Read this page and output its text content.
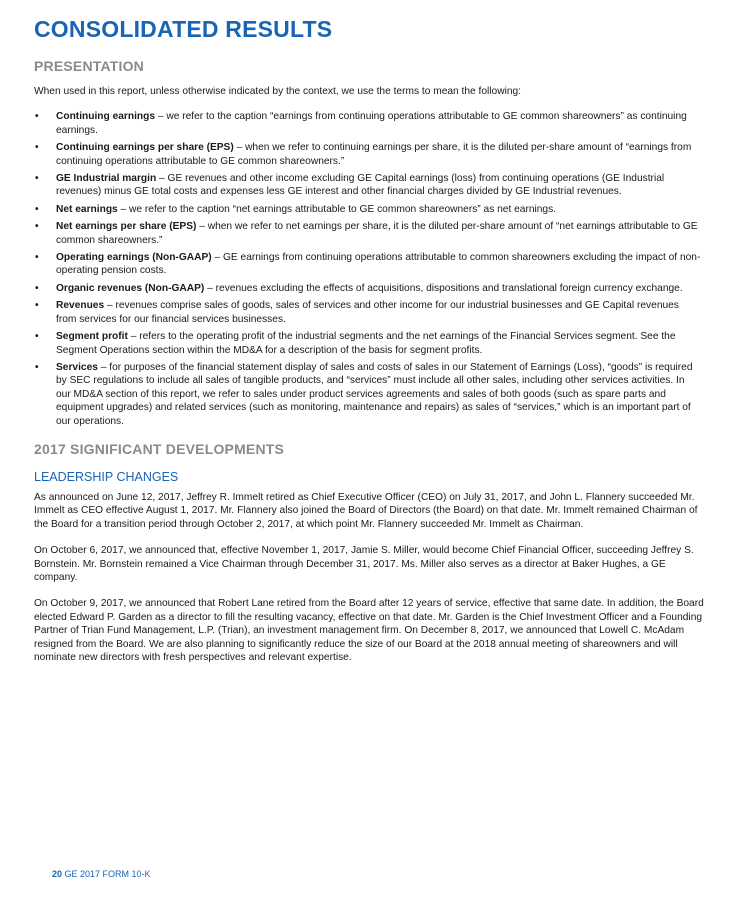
CONSOLIDATED RESULTS
PRESENTATION

When used in this report, unless otherwise indicated by the context, we use the terms to mean the following:

• Continuing earnings – we refer to the caption “earnings from continuing operations attributable to GE common shareowners” as continuing earnings.
• Continuing earnings per share (EPS) – when we refer to continuing earnings per share, it is the diluted per-share amount of “earnings from continuing operations attributable to GE common shareowners.”
• GE Industrial margin – GE revenues and other income excluding GE Capital earnings (loss) from continuing operations (GE Industrial revenues) minus GE total costs and expenses less GE interest and other financial charges divided by GE Industrial revenues.
• Net earnings – we refer to the caption “net earnings attributable to GE common shareowners” as net earnings.
• Net earnings per share (EPS) – when we refer to net earnings per share, it is the diluted per-share amount of “net earnings attributable to GE common shareowners.”
• Operating earnings (Non-GAAP) – GE earnings from continuing operations attributable to common shareowners excluding the impact of non-operating pension costs.
• Organic revenues (Non-GAAP) – revenues excluding the effects of acquisitions, dispositions and translational foreign currency exchange.
• Revenues – revenues comprise sales of goods, sales of services and other income for our industrial businesses and GE Capital revenues from services for our financial services businesses.
• Segment profit – refers to the operating profit of the industrial segments and the net earnings of the Financial Services segment. See the Segment Operations section within the MD&A for a description of the basis for segment profits.
• Services – for purposes of the financial statement display of sales and costs of sales in our Statement of Earnings (Loss), “goods” is required by SEC regulations to include all sales of tangible products, and “services” must include all other sales, including other services activities. In our MD&A section of this report, we refer to sales under product services agreements and sales of both goods (such as spare parts and equipment upgrades) and related services (such as monitoring, maintenance and repairs) as sales of “services,” which is an important part of our operations.
2017 SIGNIFICANT DEVELOPMENTS
LEADERSHIP CHANGES

As announced on June 12, 2017, Jeffrey R. Immelt retired as Chief Executive Officer (CEO) on July 31, 2017, and John L. Flannery succeeded Mr. Immelt as CEO effective August 1, 2017. Mr. Flannery also joined the Board of Directors (the Board) on that date. Mr. Immelt remained Chairman of the Board for a transition period through October 2, 2017, at which point Mr. Flannery succeeded Mr. Immelt as Chairman.

On October 6, 2017, we announced that, effective November 1, 2017, Jamie S. Miller, would become Chief Financial Officer, succeeding Jeffrey S. Bornstein. Mr. Bornstein remained a Vice Chairman through December 31, 2017. Ms. Miller also serves as a director at Baker Hughes, a GE company.

On October 9, 2017, we announced that Robert Lane retired from the Board after 12 years of service, effective that same date. In addition, the Board elected Edward P. Garden as a director to fill the resulting vacancy, effective on that date. Mr. Garden is the Chief Investment Officer and a Founding Partner of Trian Fund Management, L.P. (Trian), an investment management firm. On December 8, 2017, we announced that Lowell C. McAdam resigned from the Board. We are also planning to significantly reduce the size of our Board at the 2018 annual meeting of shareowners and will nominate new directors with fresh perspectives and relevant expertise.

20 GE 2017 FORM 10-K
